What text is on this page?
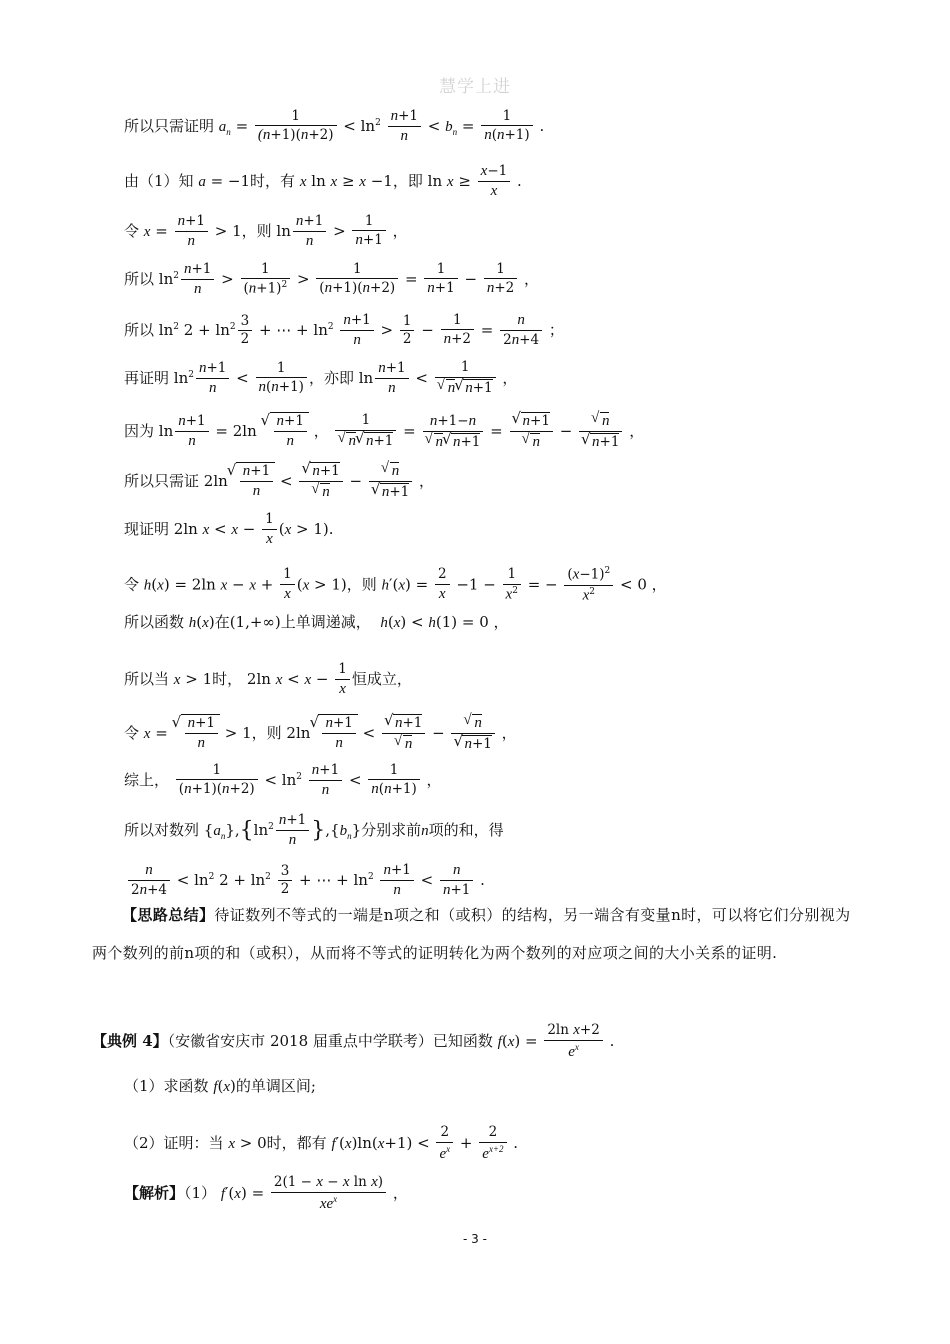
慧学上进
所以只需证明 $a_n = \frac{1}{(n+1)(n+2)} < \ln^2 \frac{n+1}{n} < b_n = \frac{1}{n(n+1)}$ .
由（1）知 a = −1时，有 x ln x ≥ x −1，即 $\ln x \ge \frac{x-1}{x}$ .
令 $x = \frac{n+1}{n} > 1$，则 $\ln \frac{n+1}{n} > \frac{1}{n+1}$ ，
所以 $\ln^2 \frac{n+1}{n} > \frac{1}{(n+1)^2} > \frac{1}{(n+1)(n+2)} = \frac{1}{n+1} - \frac{1}{n+2}$ ，
所以 $\ln^2 2 + \ln^2 \frac{3}{2}$ + ⋯ + $\ln^2 \frac{n+1}{n} > \frac{1}{2} - \frac{1}{n+2} = \frac{n}{2n+4}$ ；
再证明 $\ln^2 \frac{n+1}{n} < \frac{1}{n(n+1)}$ ，亦即 $\ln \frac{n+1}{n} < 1$
√ n √ n+1 ，
因为 $\ln \frac{n+1}{n} = 2\ln$ √ $\frac{n+1}{n}$ ， 1
√ n √ n+1 = n+1−n
√ n √ n+1 = √ n+1
√ n − √ n
√ n+1 ，
所以只需证 2ln √ $\frac{n+1}{n}$ < √ n+1
√ n − √ n
√ n+1 ，
现证明 2ln $x < x - \frac{1}{x} (x > 1)$.
令 h(x) = 2ln $x - x + \frac{1}{x} (x > 1)$，则 $h'(x) = \frac{2}{x} -1 - \frac{1}{x^2}$ = − $\frac{(x-1)^2}{x^2} < 0$ ，
所以函数 h(x)在(1,+∞)上单调递减， h(x) < h(1) = 0 ，
所以当 x > 1时， 2ln $x < x - \frac{1}{x}$ 恒成立，
令 x = √ $\frac{n+1}{n} > 1$，则 2ln √ $\frac{n+1}{n}$ < √ n+1
√ n − √ n
√ n+1 ，
综上， $\frac{1}{(n+1)(n+2)} < \ln^2 \frac{n+1}{n} < \frac{1}{n(n+1)}$ ，
所以对数列 $\{a_n\},\{\ln^2 \frac{n+1}{n} \},\{b_n\}$分别求前n项的和，得
$\frac{n}{2n+4} < \ln^2 2 + \ln^2 \frac{3}{2}$ + ⋯ + $\ln^2 \frac{n+1}{n} < \frac{n}{n+1}$ .
【思路总结】待证数列不等式的一端是n项之和（或积）的结构，另一端含有变量n时，可以将它们分别视为两个数列的前n项的和（或积），从而将不等式的证明转化为两个数列的对应项之间的大小关系的证明.
【典例 4】（安徽省安庆市 2018 届重点中学联考）已知函数 $f(x) = \frac{\text{2ln x+2}}{e^x}$ .
（1）求函数 f(x)的单调区间;
（2）证明：当 x > 0时，都有 $f'(x)\ln(x+1) < \frac{2}{e^x} + \frac{2}{e^{x+2}}$ .
【解析】（1） $f'(x) = \frac{\text{2(1 − x − x ln x)}}{xe^x}$ ，
- 3 -
